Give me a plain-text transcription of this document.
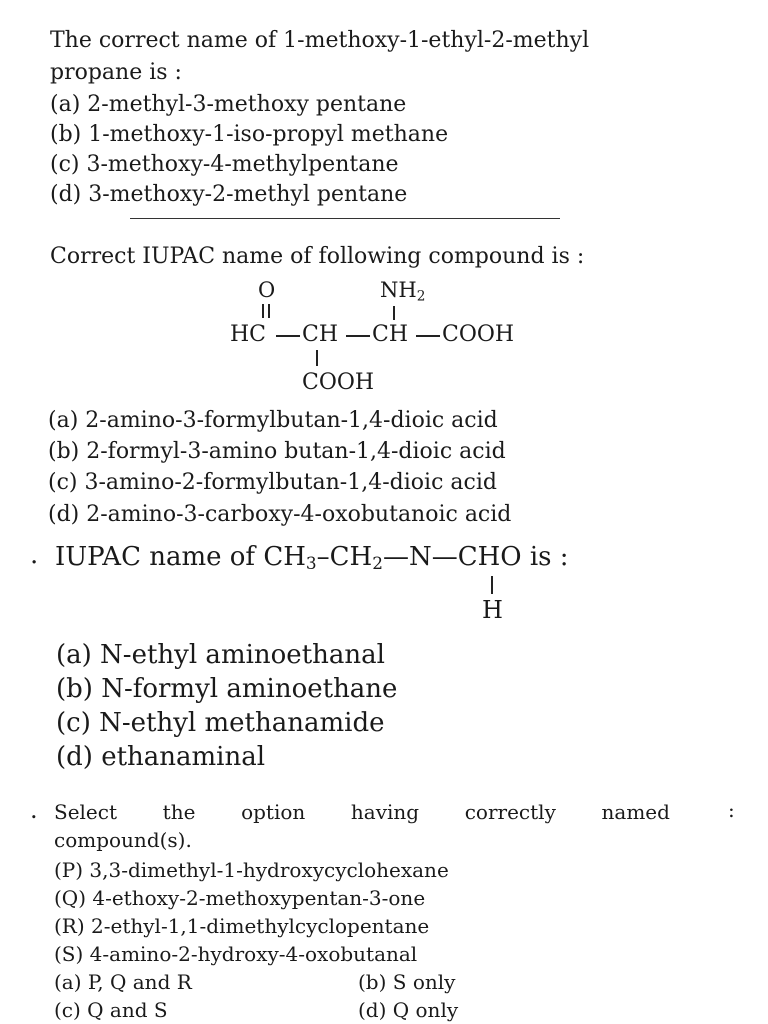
The correct name of 1-methoxy-1-ethyl-2-methyl
propane is :
(a) 2-methyl-3-methoxy pentane
(b) 1-methoxy-1-iso-propyl methane
(c) 3-methoxy-4-methylpentane
(d) 3-methoxy-2-methyl pentane
Correct IUPAC name of following compound is :
O	$NH_2$
HC CH CH COOH
COOH
(a) 2-amino-3-formylbutan-1,4-dioic acid
(b) 2-formyl-3-amino butan-1,4-dioic acid
(c) 3-amino-2-formylbutan-1,4-dioic acid
(d) 2-amino-3-carboxy-4-oxobutanoic acid
. IUPAC name of $CH_3-CH_2—N—CHO$ is :
H
(a) N-ethyl aminoethanal
(b) N-formyl aminoethane
(c) N-ethyl methanamide
(d) ethanaminal
. Select the option having correctly named	:
compound(s).
(P) 3,3-dimethyl-1-hydroxycyclohexane
(Q) 4-ethoxy-2-methoxypentan-3-one
(R) 2-ethyl-1,1-dimethylcyclopentane
(S) 4-amino-2-hydroxy-4-oxobutanal
(a) P, Q and R	(b) S only
(c) Q and S	(d) Q only
